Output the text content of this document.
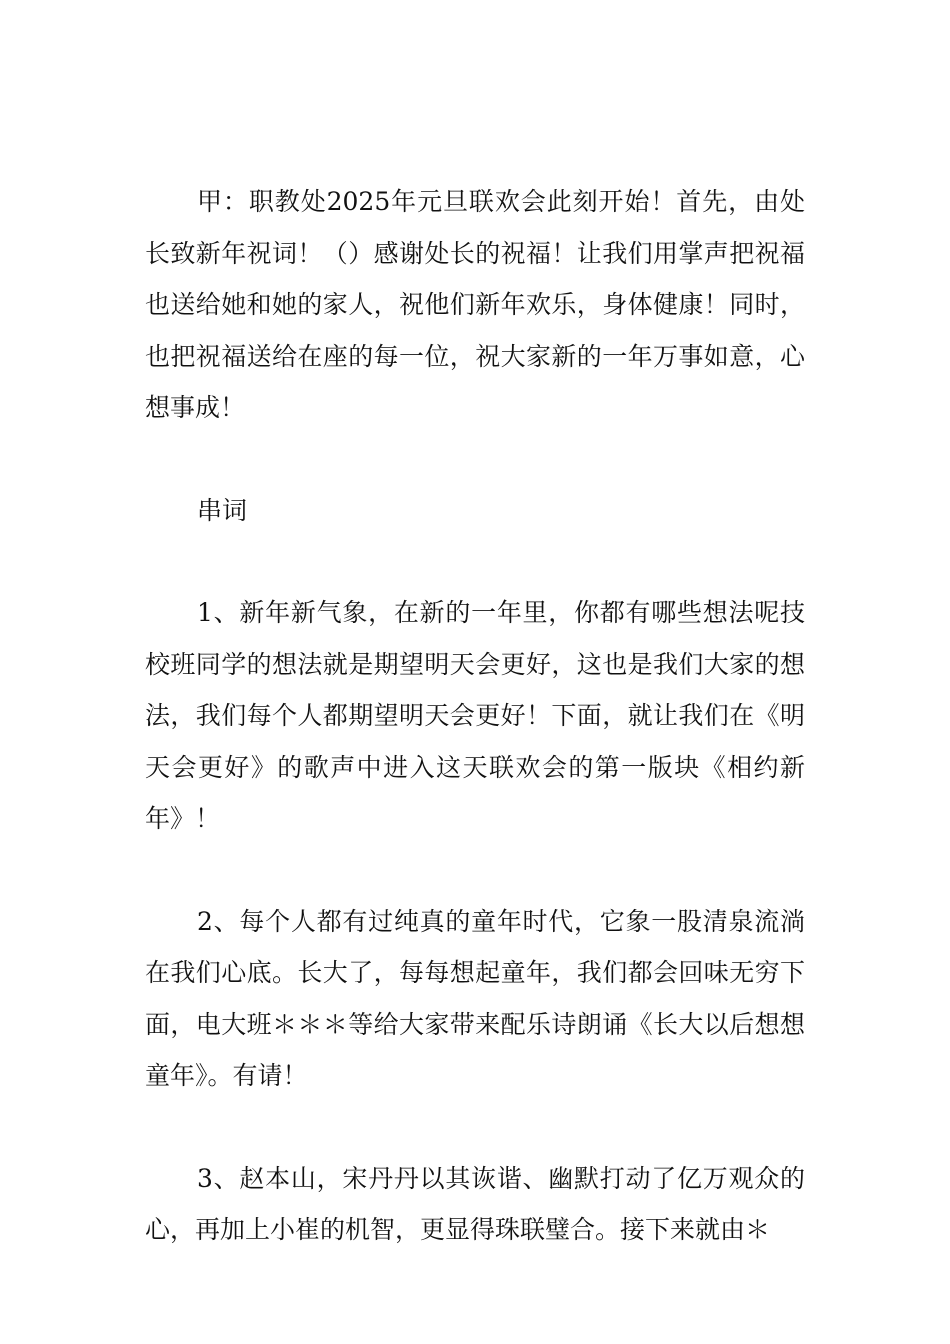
甲：职教处2025年元旦联欢会此刻开始！首先，由处长致新年祝词！（）感谢处长的祝福！让我们用掌声把祝福也送给她和她的家人，祝他们新年欢乐，身体健康！同时，也把祝福送给在座的每一位，祝大家新的一年万事如意，心想事成！

串词

1、新年新气象，在新的一年里，你都有哪些想法呢技校班同学的想法就是期望明天会更好，这也是我们大家的想法，我们每个人都期望明天会更好！下面，就让我们在《明天会更好》的歌声中进入这天联欢会的第一版块《相约新年》！

2、每个人都有过纯真的童年时代，它象一股清泉流淌在我们心底。长大了，每每想起童年，我们都会回味无穷下面，电大班＊＊＊等给大家带来配乐诗朗诵《长大以后想想童年》。有请！

3、赵本山，宋丹丹以其诙谐、幽默打动了亿万观众的心，再加上小崔的机智，更显得珠联璧合。接下来就由＊
